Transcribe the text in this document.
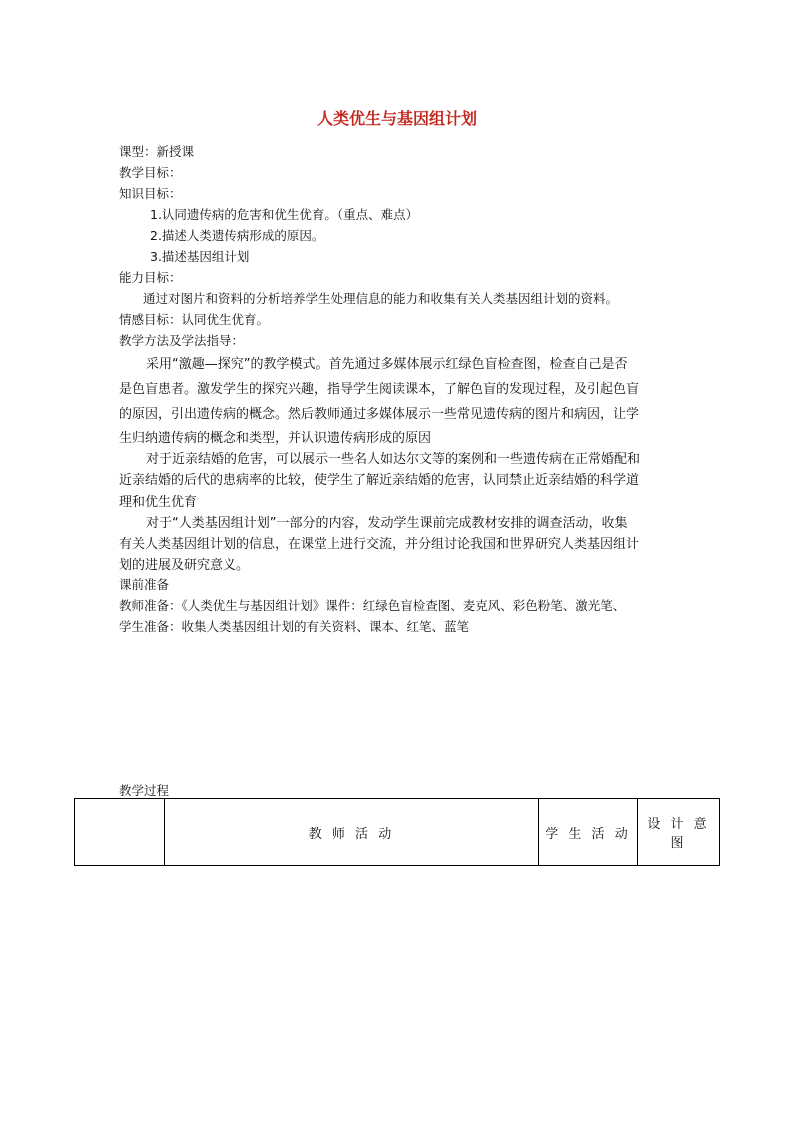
人类优生与基因组计划
课型：新授课
教学目标：
知识目标：
1.认同遗传病的危害和优生优育。（重点、难点）
2.描述人类遗传病形成的原因。
3.描述基因组计划
能力目标：
通过对图片和资料的分析培养学生处理信息的能力和收集有关人类基因组计划的资料。
情感目标：认同优生优育。
教学方法及学法指导：
采用“激趣—探究”的教学模式。首先通过多媒体展示红绿色盲检查图，检查自己是否
是色盲患者。激发学生的探究兴趣，指导学生阅读课本，了解色盲的发现过程，及引起色盲
的原因，引出遗传病的概念。然后教师通过多媒体展示一些常见遗传病的图片和病因，让学
生归纳遗传病的概念和类型，并认识遗传病形成的原因
对于近亲结婚的危害，可以展示一些名人如达尔文等的案例和一些遗传病在正常婚配和
近亲结婚的后代的患病率的比较，使学生了解近亲结婚的危害，认同禁止近亲结婚的科学道
理和优生优育
对于“人类基因组计划”一部分的内容，发动学生课前完成教材安排的调查活动，收集
有关人类基因组计划的信息，在课堂上进行交流，并分组讨论我国和世界研究人类基因组计
划的进展及研究意义。
课前准备
教师准备：《人类优生与基因组计划》课件：红绿色盲检查图、麦克风、彩色粉笔、激光笔、
学生准备：收集人类基因组计划的有关资料、课本、红笔、蓝笔
教学过程
	教 师 活 动	学 生 活 动	设 计 意 图
